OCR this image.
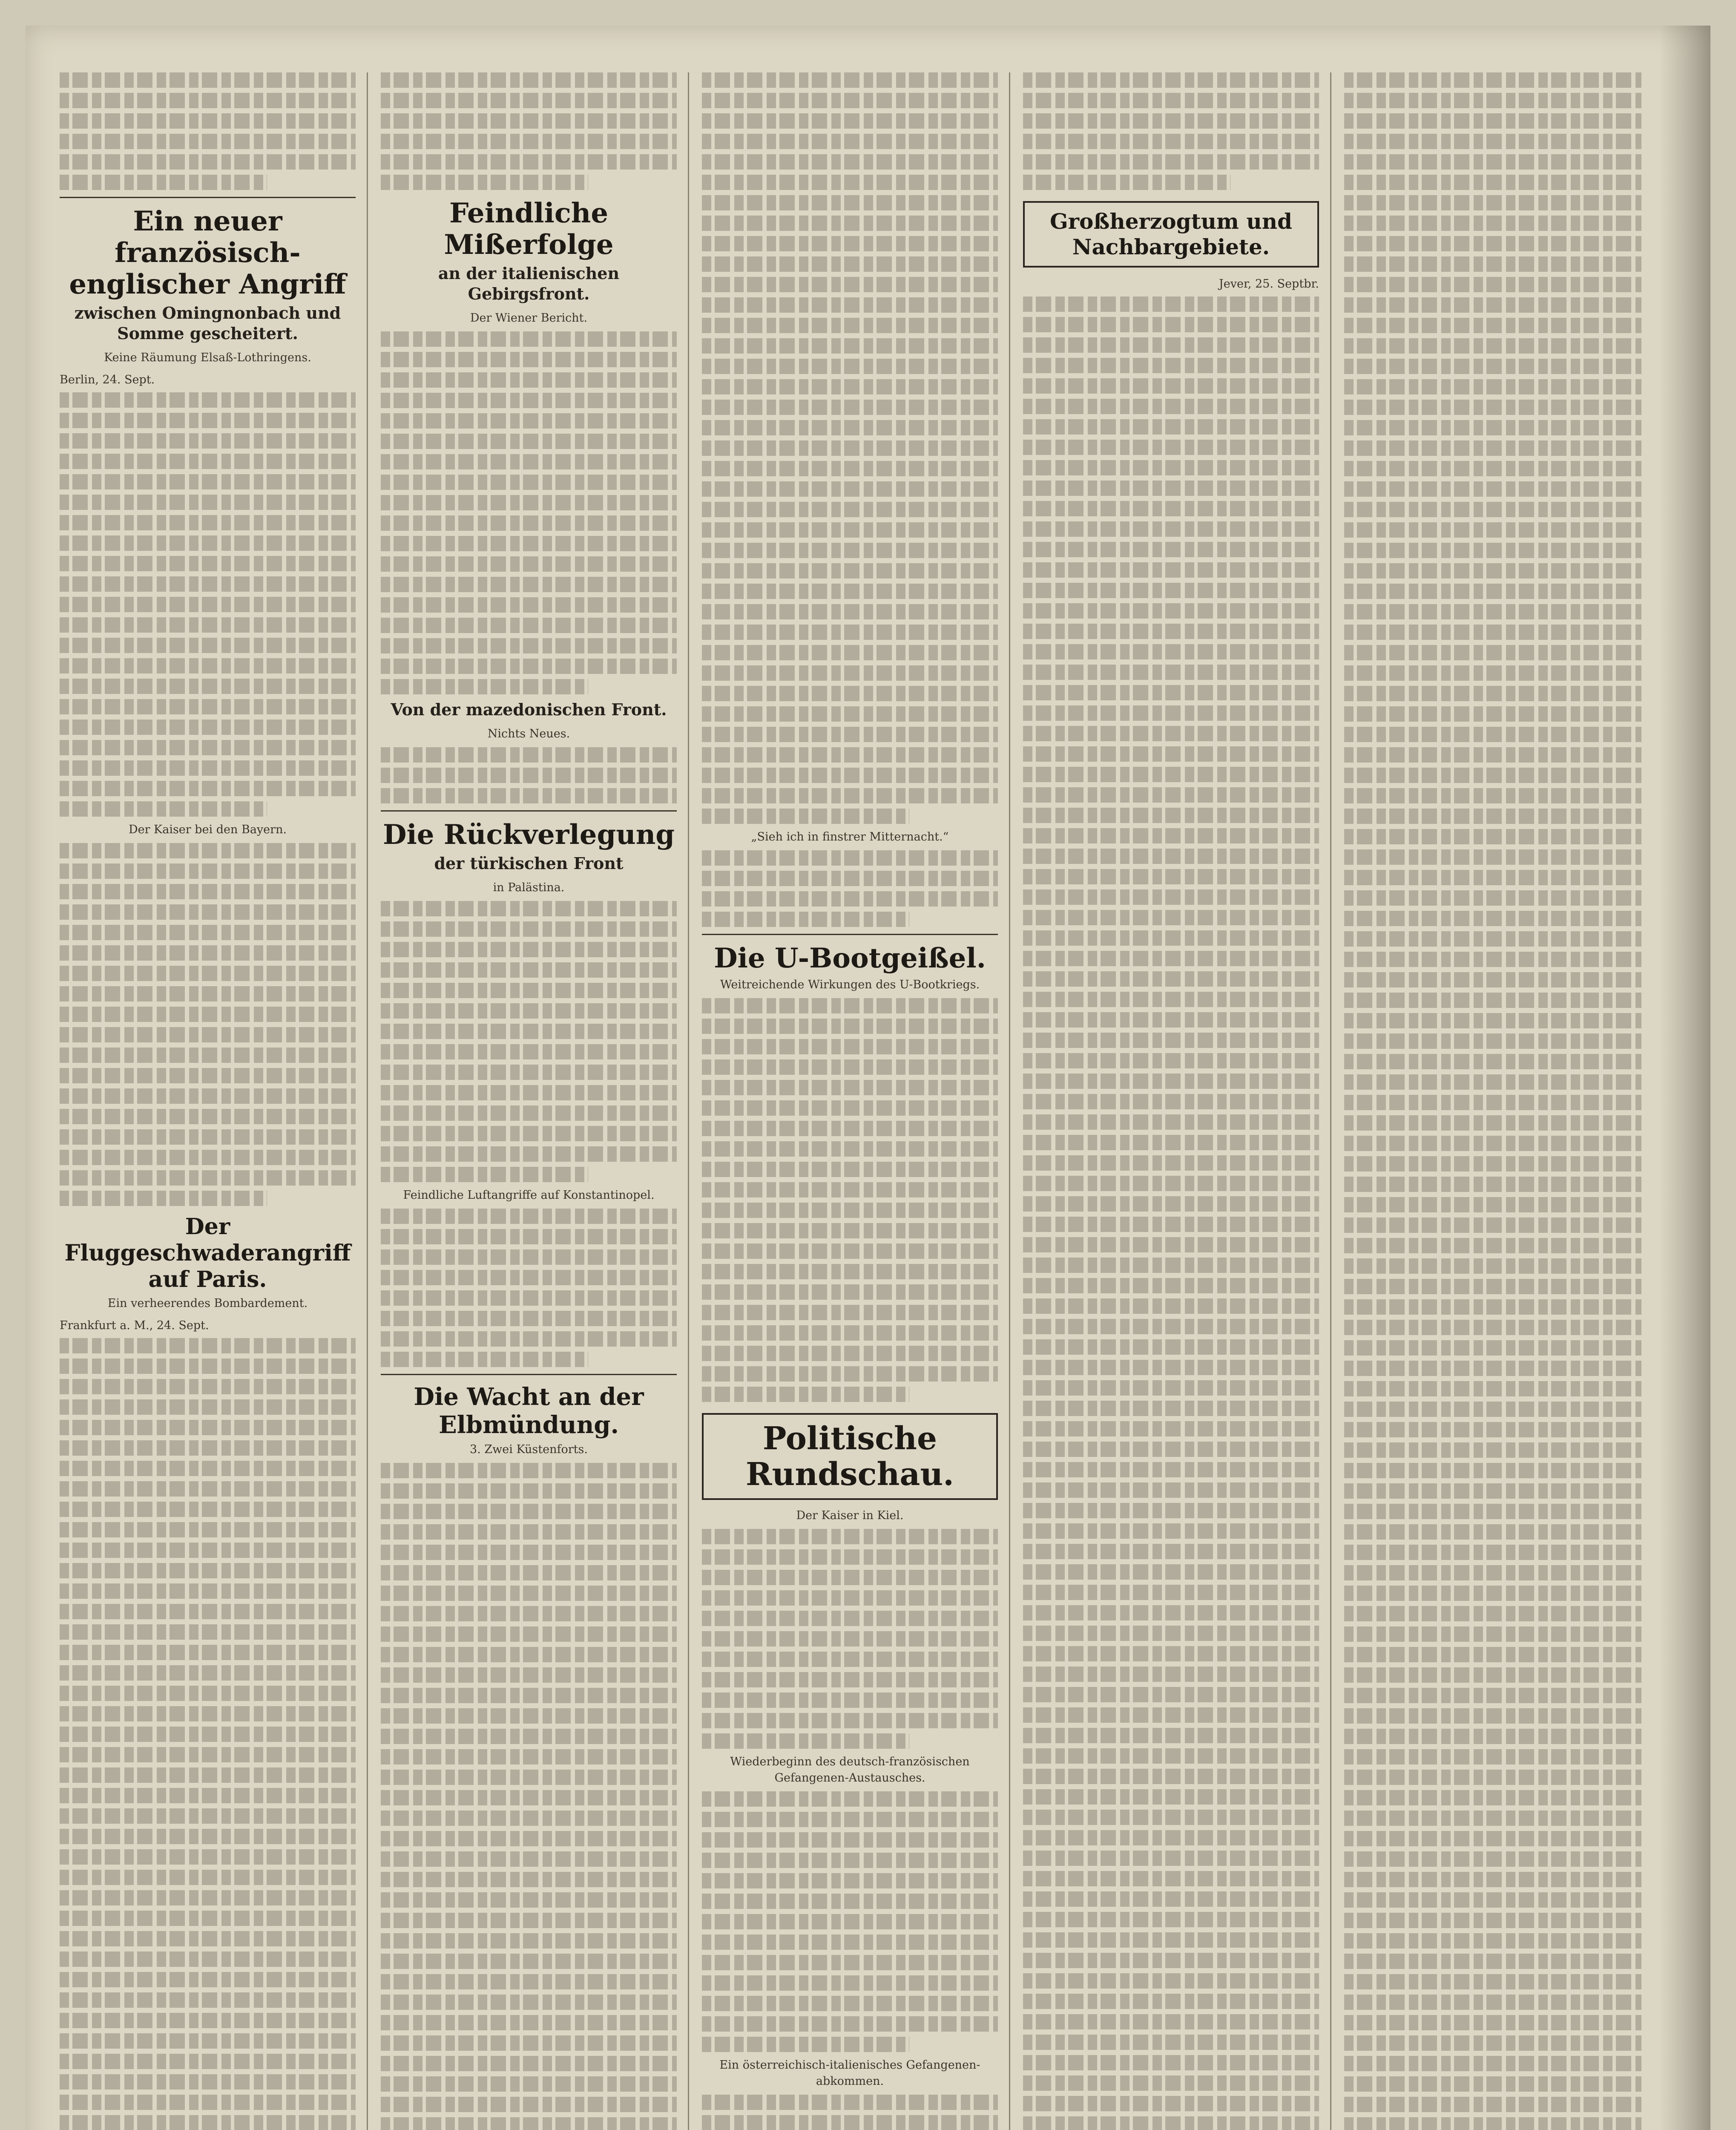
Ein neuer französisch-englischer Angriff
zwischen Omingnonbach und Somme gescheitert.
Keine Räumung Elsaß-Lothringens.
Berlin, 24. Sept.
Der Kaiser bei den Bayern.
Der Fluggeschwaderangriff auf Paris.
Ein verheerendes Bombardement.
Frankfurt a. M., 24. Sept.
Feindliche Mißerfolge
an der italienischen Gebirgsfront.
Der Wiener Bericht.
Von der mazedonischen Front.
Nichts Neues.
Die Rückverlegung
der türkischen Front
in Palästina.
Feindliche Luftangriffe auf Konstantinopel.
Die Wacht an der Elbmündung.
3. Zwei Küstenforts.
„Sieh ich in finstrer Mitternacht.“
Die U-Bootgeißel.
Weitreichende Wirkungen des U-Bootkriegs.
Politische Rundschau.
Der Kaiser in Kiel.
Wiederbeginn des deutsch-französischen Gefangenen-Austausches.
Ein österreichisch-italienisches Gefangenen-abkommen.
Großherzogtum und Nachbargebiete.
Jever, 25. Septbr.
